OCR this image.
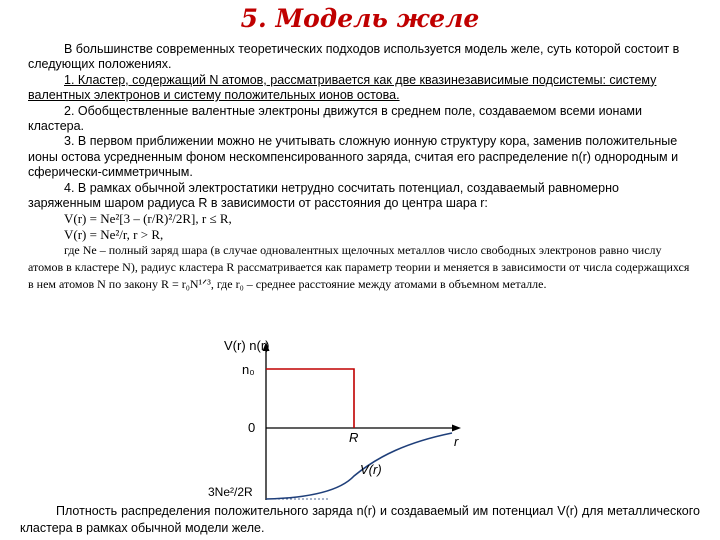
5. Модель желе

В большинстве современных теоретических подходов используется модель желе, суть которой состоит в следующих положениях.

1. Кластер, содержащий N атомов, рассматривается как две квазинезависимые подсистемы: систему валентных электронов и систему положительных ионов остова.

2. Обобществленные валентные электроны движутся в среднем поле, создаваемом всеми ионами кластера.

3. В первом приближении можно не учитывать сложную ионную структуру кора, заменив положительные ионы остова усредненным фоном нескомпенсированного заряда, считая его распределение n(r) однородным и сферически-симметричным.

4. В рамках обычной электростатики нетрудно сосчитать потенциал, создаваемый равномерно заряженным шаром радиуса R в зависимости от расстояния до центра шара r:

V(r) = Ne²[3 – (r/R)²/2R], r ≤ R,

V(r) = Ne²/r, r > R,

где Ne – полный заряд шара (в случае одновалентных щелочных металлов число свободных электронов равно числу атомов в кластере N), радиус кластера R рассматривается как параметр теории и меняется в зависимости от числа содержащихся в нем атомов N по закону R = r₀N¹ᐟ³, где r₀ – среднее расстояние между атомами в объемном металле.

V(r) n(r)
n₀
0
r
R
V(r)
3Ne²/2R
Плотность распределения положительного заряда n(r) и создаваемый им потенциал V(r) для металлического кластера в рамках обычной модели желе.
